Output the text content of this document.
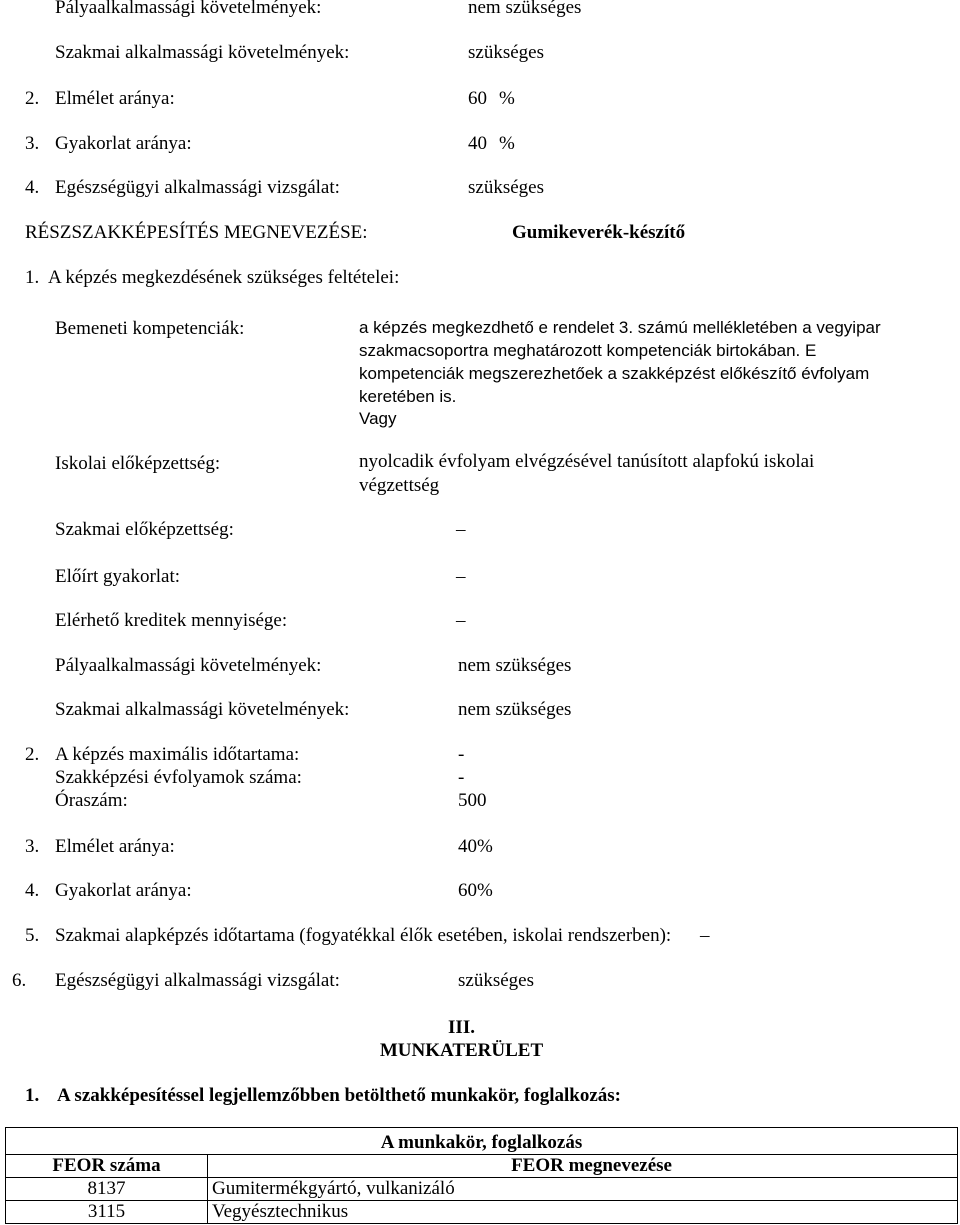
Pályaalkalmassági követelmények:	nem szükséges
Szakmai alkalmassági követelmények:	szükséges
2. Elmélet aránya:	60 %
3. Gyakorlat aránya:	40 %
4. Egészségügyi alkalmassági vizsgálat:	szükséges
RÉSZSZAKKÉPESÍTÉS MEGNEVEZÉSE:	Gumikeverék-készítő
1. A képzés megkezdésének szükséges feltételei:
Bemeneti kompetenciák:	a képzés megkezdhető e rendelet 3. számú mellékletében a vegyipar szakmacsoportra meghatározott kompetenciák birtokában. E kompetenciák megszerezhetőek a szakképzést előkészítő évfolyam keretében is.
Vagy
Iskolai előképzettség:	nyolcadik évfolyam elvégzésével tanúsított alapfokú iskolai végzettség
Szakmai előképzettség:	–
Előírt gyakorlat:	–
Elérhető kreditek mennyisége:	–
Pályaalkalmassági követelmények:	nem szükséges
Szakmai alkalmassági követelmények:	nem szükséges
2. A képzés maximális időtartama:	-
Szakképzési évfolyamok száma:	-
Óraszám:	500
3. Elmélet aránya:	40%
4. Gyakorlat aránya:	60%
5. Szakmai alapképzés időtartama (fogyatékkal élők esetében, iskolai rendszerben): –
6. Egészségügyi alkalmassági vizsgálat:	szükséges
III.
MUNKATERÜLET
1. A szakképesítéssel legjellemzőbben betölthető munkakör, foglalkozás:
A munkakör, foglalkozás	
FEOR száma	FEOR megnevezése
8137	Gumitermékgyártó, vulkanizáló
3115	Vegyésztechnikus
